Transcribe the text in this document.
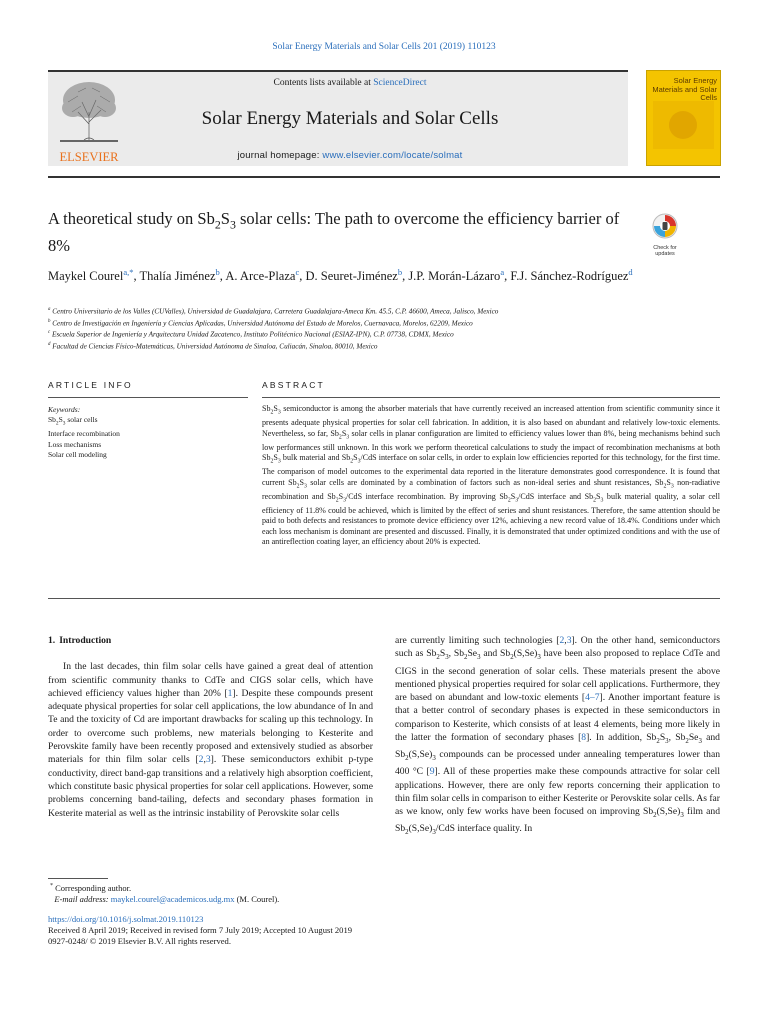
Solar Energy Materials and Solar Cells 201 (2019) 110123
ELSEVIER
Contents lists available at ScienceDirect
Solar Energy Materials and Solar Cells
journal homepage: www.elsevier.com/locate/solmat
Solar Energy Materials and Solar Cells
A theoretical study on $Sb_2S_3$ solar cells: The path to overcome the efficiency barrier of 8%	Check for updates
Maykel Courel$^{a,*}$, Thalía Jiménez$^b$, A. Arce-Plaza$^c$, D. Seuret-Jiménez$^b$, J.P. Morán-Lázaro$^a$, F.J. Sánchez-Rodríguez$^d$
$^a$ Centro Universitario de los Valles (CUValles), Universidad de Guadalajara, Carretera Guadalajara-Ameca Km. 45.5, C.P. 46600, Ameca, Jalisco, Mexico
$^b$ Centro de Investigación en Ingeniería y Ciencias Aplicadas, Universidad Autónoma del Estado de Morelos, Cuernavaca, Morelos, 62209, Mexico
$^c$ Escuela Superior de Ingeniería y Arquitectura Unidad Zacatenco, Instituto Politécnico Nacional (ESIAZ-IPN), C.P. 07738, CDMX, Mexico
$^d$ Facultad de Ciencias Físico-Matemáticas, Universidad Autónoma de Sinaloa, Culiacán, Sinaloa, 80010, Mexico
ARTICLE INFO	ABSTRACT
Keywords:
$Sb_2S_3$ solar cells
Interface recombination
Loss mechanisms
Solar cell modeling
$Sb_2S_3$ semiconductor is among the absorber materials that have currently received an increased attention from scientific community since it presents adequate physical properties for solar cell fabrication. In addition, it is also based on abundant and relatively low-toxic elements. Nevertheless, so far, $Sb_2S_3$ solar cells in planar configuration are limited to efficiency values lower than 8%, being mechanisms behind such low performances still unknown. In this work we perform theoretical calculations to study the impact of recombination mechanisms at both $Sb_2S_3$ bulk material and $Sb_2S_3$/CdS interface on solar cells, in order to explain low efficiencies reported for this technology, for the first time. The comparison of model outcomes to the experimental data reported in the literature demonstrates good correspondence. It is found that current $Sb_2S_3$ solar cells are dominated by a combination of factors such as non-ideal series and shunt resistances, $Sb_2S_3$ non-radiative recombination and $Sb_2S_3$/CdS interface recombination. By improving $Sb_2S_3$/CdS interface and $Sb_2S_3$ bulk material quality, a solar cell efficiency of 11.8% could be achieved, which is limited by the effect of series and shunt resistances. Therefore, the same attention should be paid to both defects and resistances to promote device efficiency over 12%, achieving a new record value of 18.4%. Conditions under which each loss mechanism is dominant are presented and discussed. Finally, it is demonstrated that under optimized conditions and with the use of an antireflection coating layer, an efficiency about 20% is expected.
1. Introduction

In the last decades, thin film solar cells have gained a great deal of attention from scientific community thanks to CdTe and CIGS solar cells, which have achieved efficiency values higher than 20% [1]. Despite these compounds present adequate physical properties for solar cell applications, the low abundance of In and Te and the toxicity of Cd are important drawbacks for scaling up this technology. In order to overcome such problems, new materials belonging to Kesterite and Perovskite family have been recently proposed and extensively studied as absorber materials for thin film solar cells [2,3]. These semiconductors exhibit p-type conductivity, direct band-gap transitions and a relatively high absorption coefficient, which constitute basic physical properties for solar cell applications. However, some problems concerning band-tailing, defects and secondary phases formation in Kesterite material as well as the intrinsic instability of Perovskite solar cells

are currently limiting such technologies [2,3]. On the other hand, semiconductors such as $Sb_2S_3$, $Sb_2Se_3$ and $Sb_2(S,Se)_3$ have been also proposed to replace CdTe and CIGS in the second generation of solar cells. These materials present the above mentioned physical properties required for solar cell applications. Furthermore, they are based on abundant and low-toxic elements [4–7]. Another important feature is that a better control of secondary phases is expected in these semiconductors in comparison to Kesterite, which consists of at least 4 elements, being more likely in the latter the formation of secondary phases [8]. In addition, $Sb_2S_3$, $Sb_2Se_3$ and $Sb_2(S,Se)_3$ compounds can be processed under annealing temperatures lower than 400 °C [9]. All of these properties make these compounds attractive for solar cell applications. However, there are only few reports concerning their application to thin film solar cells in comparison to either Kesterite or Perovskite solar cells. As far as we know, only few works have been focused on improving $Sb_2(S,Se)_3$ film and $Sb_2(S,Se)_3$/CdS interface quality. In

* Corresponding author.
E-mail address: maykel.courel@academicos.udg.mx (M. Courel).
https://doi.org/10.1016/j.solmat.2019.110123
Received 8 April 2019; Received in revised form 7 July 2019; Accepted 10 August 2019
0927-0248/ © 2019 Elsevier B.V. All rights reserved.
